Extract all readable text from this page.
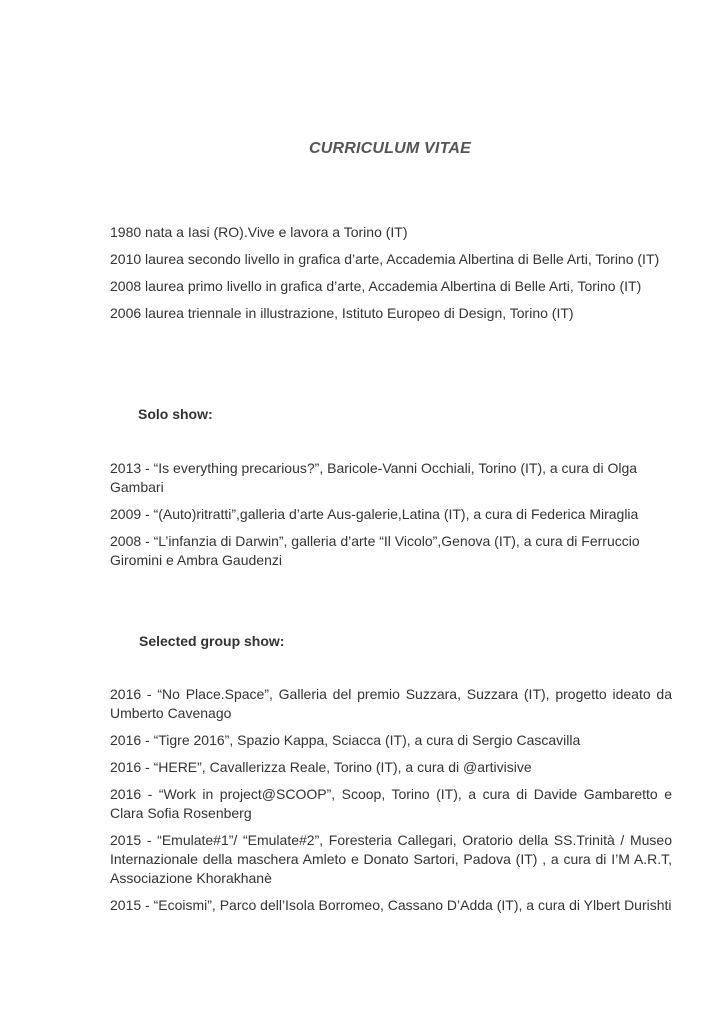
CURRICULUM VITAE

1980 nata a Iasi (RO).Vive e lavora a Torino (IT)

2010 laurea secondo livello in grafica d’arte, Accademia Albertina di Belle Arti, Torino (IT)

2008 laurea primo livello in grafica d’arte, Accademia Albertina di Belle Arti, Torino (IT)

2006 laurea triennale in illustrazione, Istituto Europeo di Design, Torino (IT)

Solo show:

2013 - “Is everything precarious?”, Baricole-Vanni Occhiali, Torino (IT), a cura di Olga Gambari

2009 - “(Auto)ritratti”,galleria d’arte Aus-galerie,Latina (IT), a cura di Federica Miraglia

2008 - “L’infanzia di Darwin”, galleria d’arte “Il Vicolo”,Genova (IT), a cura di Ferruccio Giromini e Ambra Gaudenzi

Selected group show:

2016 - “No Place.Space”, Galleria del premio Suzzara, Suzzara (IT), progetto ideato da Umberto Cavenago

2016 - “Tigre 2016”, Spazio Kappa, Sciacca (IT), a cura di Sergio Cascavilla

2016 - “HERE”, Cavallerizza Reale, Torino (IT), a cura di @artivisive

2016 - “Work in project@SCOOP”, Scoop, Torino (IT), a cura di Davide Gambaretto e Clara Sofia Rosenberg

2015 - “Emulate#1”/ “Emulate#2”, Foresteria Callegari, Oratorio della SS.Trinità / Museo Internazionale della maschera Amleto e Donato Sartori, Padova (IT) , a cura di I’M A.R.T, Associazione Khorakhanè

2015 - “Ecoismi”, Parco dell’Isola Borromeo, Cassano D’Adda (IT), a cura di Ylbert Durishti
